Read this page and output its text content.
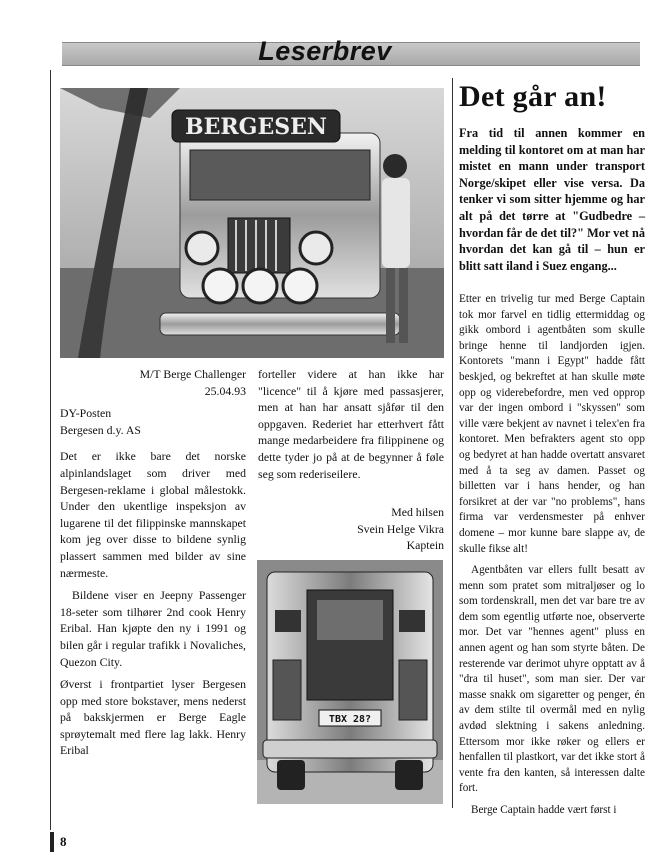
Leserbrev
BERGESEN
TBX 28?

M/T Berge Challenger

25.04.93

DY-Posten

Bergesen d.y. AS

Det er ikke bare det norske alpinlandslaget som driver med Bergesen-reklame i global målestokk. Under den ukentlige inspeksjon av lugarene til det filippinske mannskapet kom jeg over disse to bildene synlig plassert sammen med bilder av sine nærmeste.

Bildene viser en Jeepny Passenger 18-seter som tilhører 2nd cook Henry Eribal. Han kjøpte den ny i 1991 og bilen går i regular trafikk i Novaliches, Quezon City.

Øverst i frontpartiet lyser Bergesen opp med store bokstaver, mens nederst på bakskjermen er Berge Eagle sprøytemalt med flere lag lakk. Henry Eribal

forteller videre at han ikke har "licence" til å kjøre med passasjerer, men at han har ansatt sjåfør til den oppgaven. Rederiet har etterhvert fått mange medarbeidere fra filippinene og dette tyder jo på at de begynner å føle seg som rederiseilere.

Med hilsen

Svein Helge Vikra

Kaptein

Det går an!
Fra tid til annen kommer en melding til kontoret om at man har mistet en mann under transport Norge/skipet eller vise versa. Da tenker vi som sitter hjemme og har alt på det tørre at "Gudbedre – hvordan får de det til?" Mor vet nå hvordan det kan gå til – hun er blitt satt iland i Suez engang...

Etter en trivelig tur med Berge Captain tok mor farvel en tidlig ettermiddag og gikk ombord i agentbåten som skulle bringe henne til landjorden igjen. Kontorets "mann i Egypt" hadde fått beskjed, og bekreftet at han skulle møte opp og viderebefordre, men ved opprop var der ingen ombord i "skyssen" som ville være bekjent av navnet i telex'en fra kontoret. Men befrakters agent sto opp og bedyret at han hadde overtatt ansvaret med å ta seg av damen. Passet og billetten var i hans hender, og han forsikret at der var "no problems", hans firma var verdensmester på enhver domene – mor kunne bare slappe av, de skulle fikse alt!

Agentbåten var ellers fullt besatt av menn som pratet som mitraljøser og lo som tordenskrall, men det var bare tre av dem som egentlig utførte noe, observerte mor. Det var "hennes agent" pluss en annen agent og han som styrte båten. De resterende var derimot uhyre opptatt av å "dra til huset", som man sier. Der var masse snakk om sigaretter og penger, én av dem stilte til overmål med en nylig avdød slektning i sakens anledning. Ettersom mor ikke røker og ellers er henfallen til plastkort, var det ikke stort å vente fra den kanten, så interessen dalte fort.

Berge Captain hadde vært først i

8
